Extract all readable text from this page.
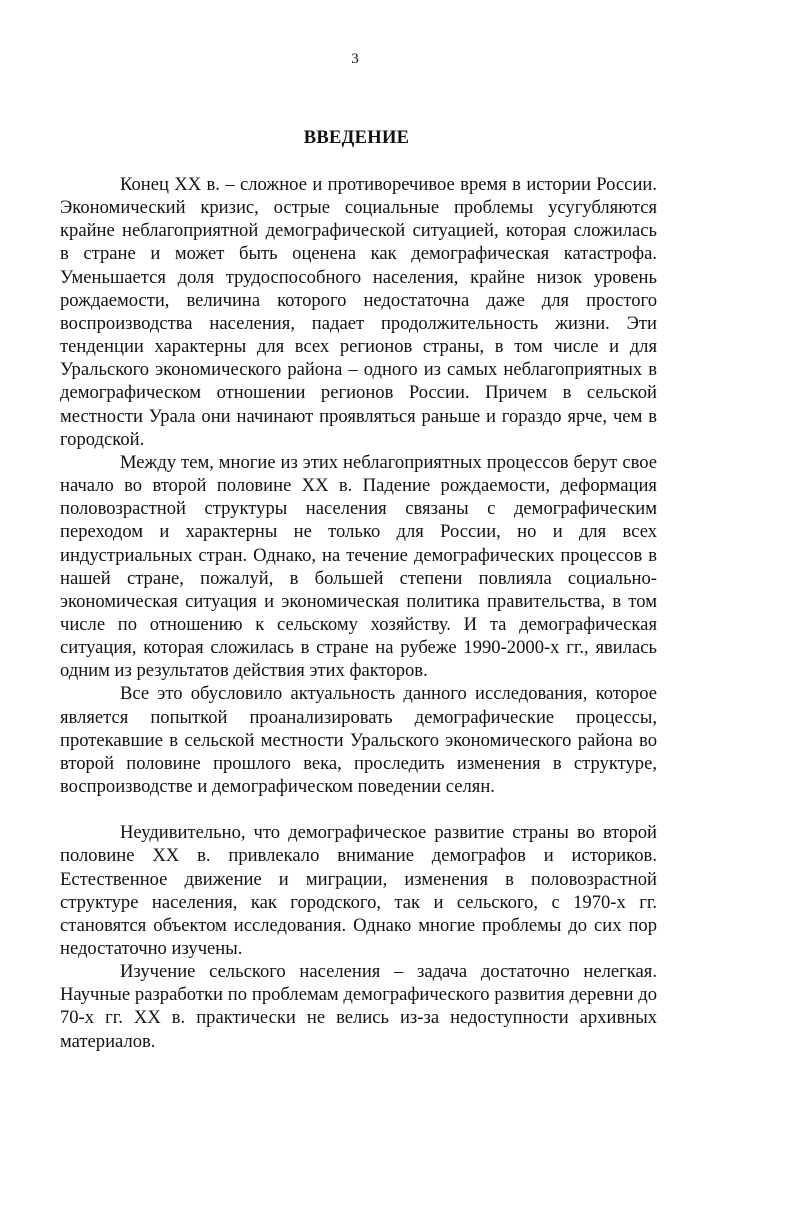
3
ВВЕДЕНИЕ

Конец XX в. – сложное и противоречивое время в истории России. Экономический кризис, острые социальные проблемы усугубляются крайне неблагоприятной демографической ситуацией, которая сложилась в стране и может быть оценена как демографическая катастрофа. Уменьшается доля трудоспособного населения, крайне низок уровень рождаемости, величина которого недостаточна даже для простого воспроизводства населения, падает продолжительность жизни. Эти тенденции характерны для всех регионов страны, в том числе и для Уральского экономического района – одного из самых неблагоприятных в демографическом отношении регионов России. Причем в сельской местности Урала они начинают проявляться раньше и гораздо ярче, чем в городской.

Между тем, многие из этих неблагоприятных процессов берут свое начало во второй половине XX в. Падение рождаемости, деформация половозрастной структуры населения связаны с демографическим переходом и характерны не только для России, но и для всех индустриальных стран. Однако, на течение демографических процессов в нашей стране, пожалуй, в большей степени повлияла социально-экономическая ситуация и экономическая политика правительства, в том числе по отношению к сельскому хозяйству. И та демографическая ситуация, которая сложилась в стране на рубеже 1990-2000-х гг., явилась одним из результатов действия этих факторов.

Все это обусловило актуальность данного исследования, которое является попыткой проанализировать демографические процессы, протекавшие в сельской местности Уральского экономического района во второй половине прошлого века, проследить изменения в структуре, воспроизводстве и демографическом поведении селян.

Неудивительно, что демографическое развитие страны во второй половине XX в. привлекало внимание демографов и историков. Естественное движение и миграции, изменения в половозрастной структуре населения, как городского, так и сельского, с 1970-х гг. становятся объектом исследования. Однако многие проблемы до сих пор недостаточно изучены.

Изучение сельского населения – задача достаточно нелегкая. Научные разработки по проблемам демографического развития деревни до 70-х гг. XX в. практически не велись из-за недоступности архивных материалов.
